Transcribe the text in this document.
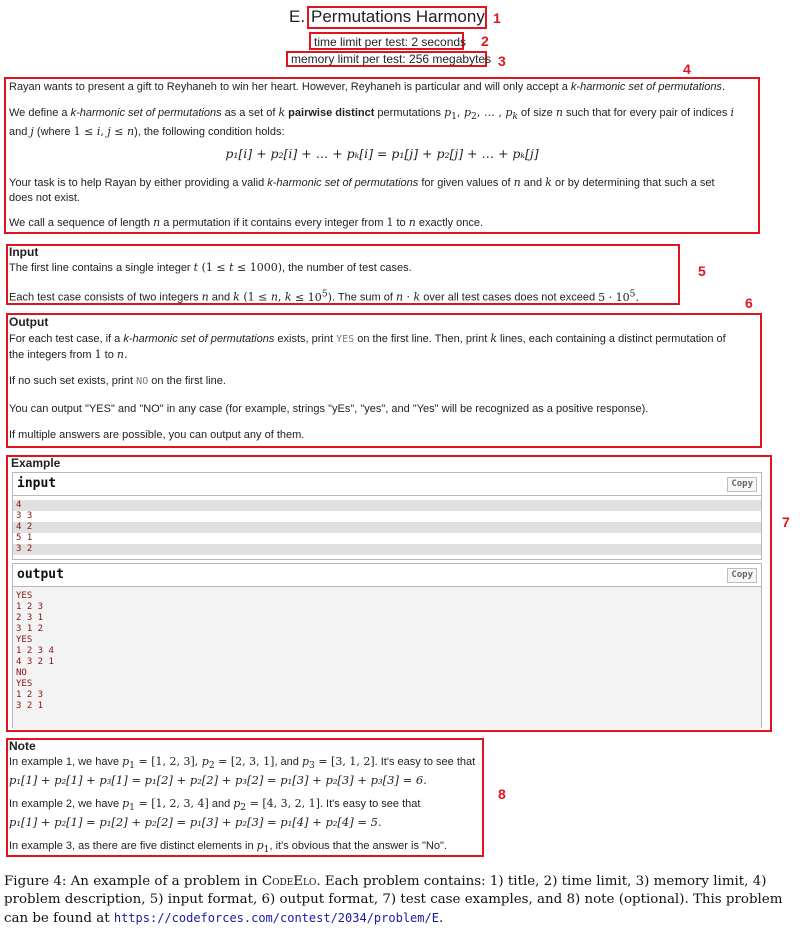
E. Permutations Harmony 1
time limit per test: 2 seconds 2
memory limit per test: 256 megabytes 3	4
Rayan wants to present a gift to Reyhaneh to win her heart. However, Reyhaneh is particular and will only accept a k-harmonic set of permutations.
We define a k-harmonic set of permutations as a set of k pairwise distinct permutations $p_1$, $p_2$, … , $p_k$ of size n such that for every pair of indices i
and j (where 1 ≤ i, j ≤ n), the following condition holds:
p₁[i] + p₂[i] + … + pₖ[i] = p₁[j] + p₂[j] + … + pₖ[j]
Your task is to help Rayan by either providing a valid k-harmonic set of permutations for given values of n and k or by determining that such a set
does not exist.
We call a sequence of length n a permutation if it contains every integer from 1 to n exactly once.
5
Input
The first line contains a single integer t (1 ≤ t ≤ 1000), the number of test cases.
Each test case consists of two integers n and k (1 ≤ n, $k \le 10^5$). The sum of n · k over all test cases does not exceed $5 \cdot 10^5$.	6
Output
For each test case, if a k-harmonic set of permutations exists, print YES on the first line. Then, print k lines, each containing a distinct permutation of
the integers from 1 to n.
If no such set exists, print NO on the first line.
You can output "YES" and "NO" in any case (for example, strings "yEs", "yes", and "Yes" will be recognized as a positive response).
If multiple answers are possible, you can output any of them.
7
Example
input	Copy
4
3 3
4 2
5 1
3 2
output	Copy
YES
1 2 3
2 3 1
3 1 2
YES
1 2 3 4
4 3 2 1
NO
YES
1 2 3
3 2 1
8
Note
In example 1, we have $p_1 = [1$, 2, 3], $p_2 = [2$, 3, 1], and $p_3 = [3$, 1, 2]. It's easy to see that
p₁[1] + p₂[1] + p₃[1] = p₁[2] + p₂[2] + p₃[2] = p₁[3] + p₂[3] + p₃[3] = 6.
In example 2, we have $p_1 = [1$, 2, 3, 4] and $p_2 = [4$, 3, 2, 1]. It's easy to see that
p₁[1] + p₂[1] = p₁[2] + p₂[2] = p₁[3] + p₂[3] = p₁[4] + p₂[4] = 5.
In example 3, as there are five distinct elements in $p_1$, it's obvious that the answer is "No".
Figure 4: An example of a problem in CodeElo. Each problem contains: 1) title, 2) time limit, 3) memory limit, 4) problem description, 5) input format, 6) output format, 7) test case examples, and 8) note (optional). This problem can be found at https://codeforces.com/contest/2034/problem/E.
